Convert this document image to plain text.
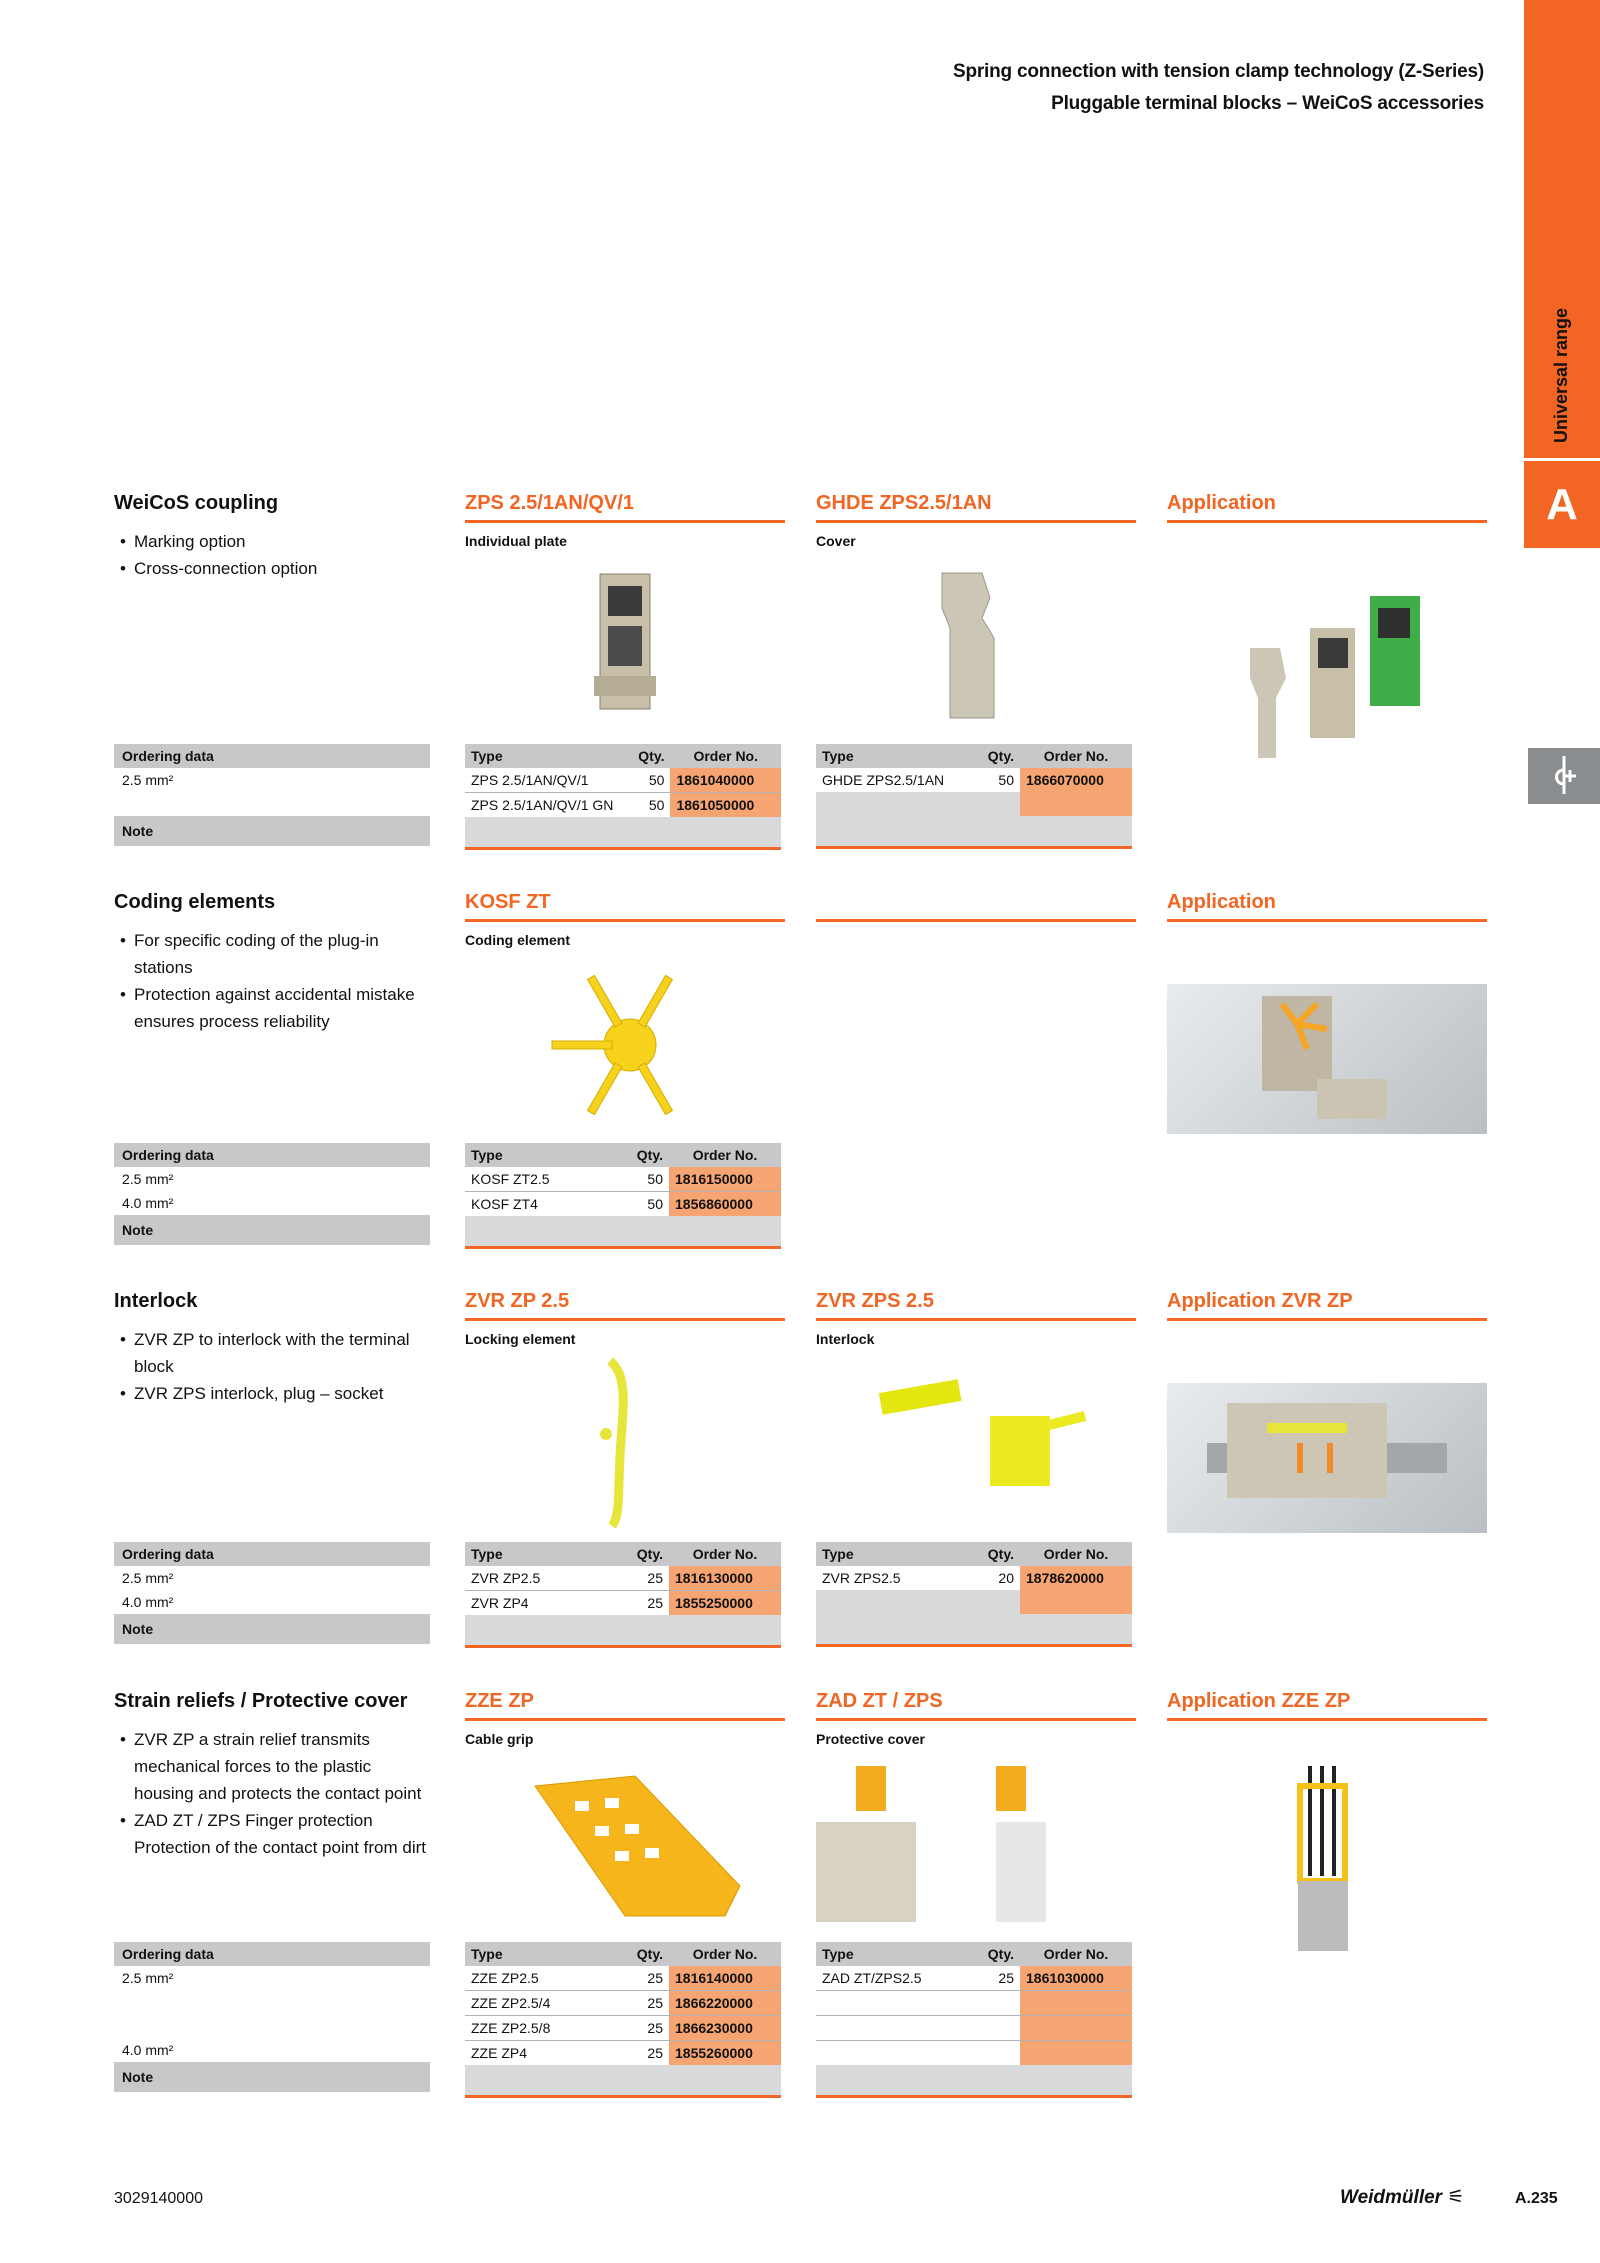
Spring connection with tension clamp technology (Z-Series)
Pluggable terminal blocks – WeiCoS accessories
Universal range
A
WeiCoS coupling
• Marking option
• Cross-connection option
ZPS 2.5/1AN/QV/1
Individual plate
GHDE ZPS2.5/1AN
Cover
Application
Ordering data
2.5 mm²
Note
Type	Qty.	Order No.
ZPS 2.5/1AN/QV/1	50	1861040000
ZPS 2.5/1AN/QV/1 GN	50	1861050000

Type	Qty.	Order No.
GHDE ZPS2.5/1AN	50	1866070000

Coding elements
• For specific coding of the plug-in stations
• Protection against accidental mistake ensures process reliability
KOSF ZT
Coding element
Application
Ordering data
2.5 mm²
4.0 mm²
Note
Type	Qty.	Order No.
KOSF ZT2.5	50	1816150000
KOSF ZT4	50	1856860000

Interlock
• ZVR ZP to interlock with the terminal block
• ZVR ZPS interlock, plug – socket
ZVR ZP 2.5
Locking element
ZVR ZPS 2.5
Interlock
Application ZVR ZP
Ordering data
2.5 mm²
4.0 mm²
Note
Type	Qty.	Order No.
ZVR ZP2.5	25	1816130000
ZVR ZP4	25	1855250000

Type	Qty.	Order No.
ZVR ZPS2.5	20	1878620000

Strain reliefs / Protective cover
• ZVR ZP a strain relief transmits mechanical forces to the plastic housing and protects the contact point
• ZAD ZT / ZPS Finger protection Protection of the contact point from dirt
ZZE ZP
Cable grip
ZAD ZT / ZPS
Protective cover
Application ZZE ZP
Ordering data
2.5 mm²
4.0 mm²
Note
Type	Qty.	Order No.
ZZE ZP2.5	25	1816140000
ZZE ZP2.5/4	25	1866220000
ZZE ZP2.5/8	25	1866230000
ZZE ZP4	25	1855260000

Type	Qty.	Order No.
ZAD ZT/ZPS2.5	25	1861030000

3029140000	Weidmüller ⚟	A.235
